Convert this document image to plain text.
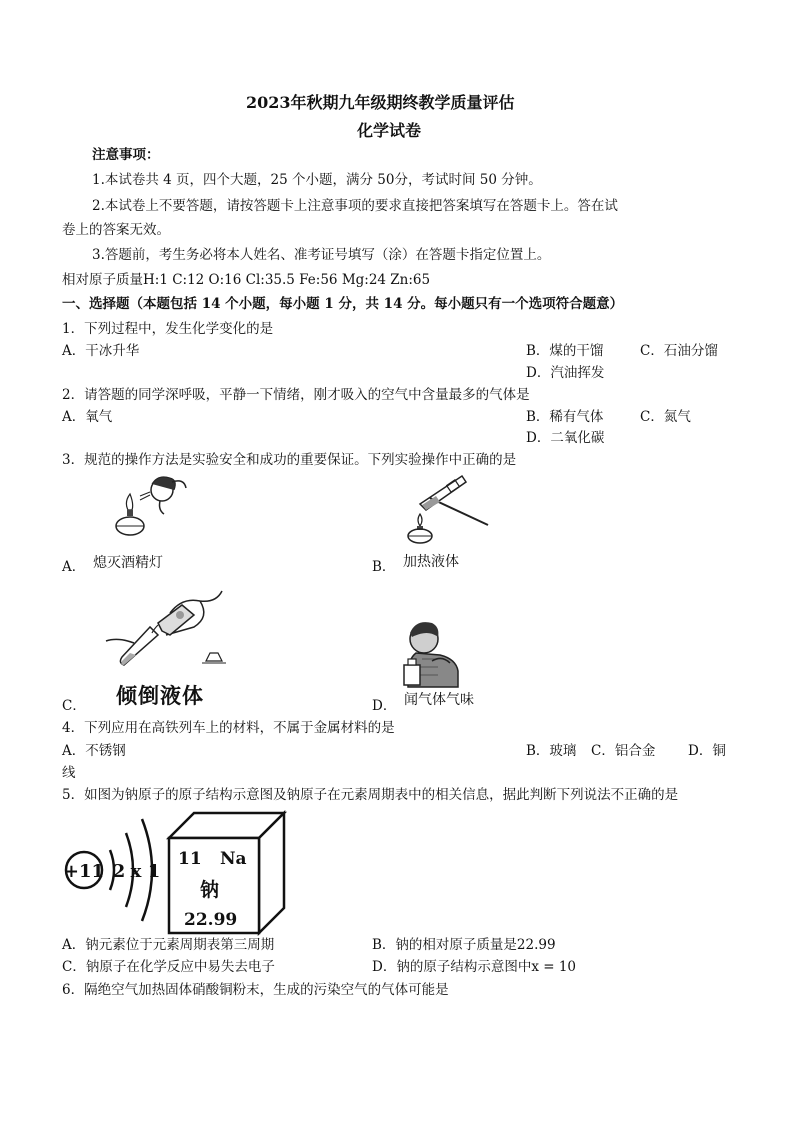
2023年秋期九年级期终教学质量评估
化学试卷
注意事项：
1.本试卷共 4 页，四个大题，25 个小题，满分 50分，考试时间 50 分钟。
2.本试卷上不要答题，请按答题卡上注意事项的要求直接把答案填写在答题卡上。答在试
卷上的答案无效。
3.答题前，考生务必将本人姓名、准考证号填写（涂）在答题卡指定位置上。
相对原子质量H:1 C:12 O:16 Cl:35.5 Fe:56 Mg:24 Zn:65
一、选择题（本题包括 14 个小题，每小题 1 分，共 14 分。每小题只有一个选项符合题意）
1．下列过程中，发生化学变化的是
A．干冰升华	B．煤的干馏	C．石油分馏
D．汽油挥发
2．请答题的同学深呼吸，平静一下情绪，刚才吸入的空气中含量最多的气体是
A．氧气	B．稀有气体	C．氮气
D．二氧化碳
3．规范的操作方法是实验安全和成功的重要保证。下列实验操作中正确的是
A． 熄灭酒精灯	B． 加热液体
C． 倾倒液体	D． 闻气体气味
4．下列应用在高铁列车上的材料，不属于金属材料的是
A．不锈钢	B．玻璃 C．铝合金 D．铜
线
5．如图为钠原子的原子结构示意图及钠原子在元素周期表中的相关信息，据此判断下列说法不正确的是
+11 2 x 1
11 Na
钠
22.99
A．钠元素位于元素周期表第三周期	B．钠的相对原子质量是22.99
C．钠原子在化学反应中易失去电子	D．钠的原子结构示意图中x = 10
6．隔绝空气加热固体硝酸铜粉末，生成的污染空气的气体可能是
